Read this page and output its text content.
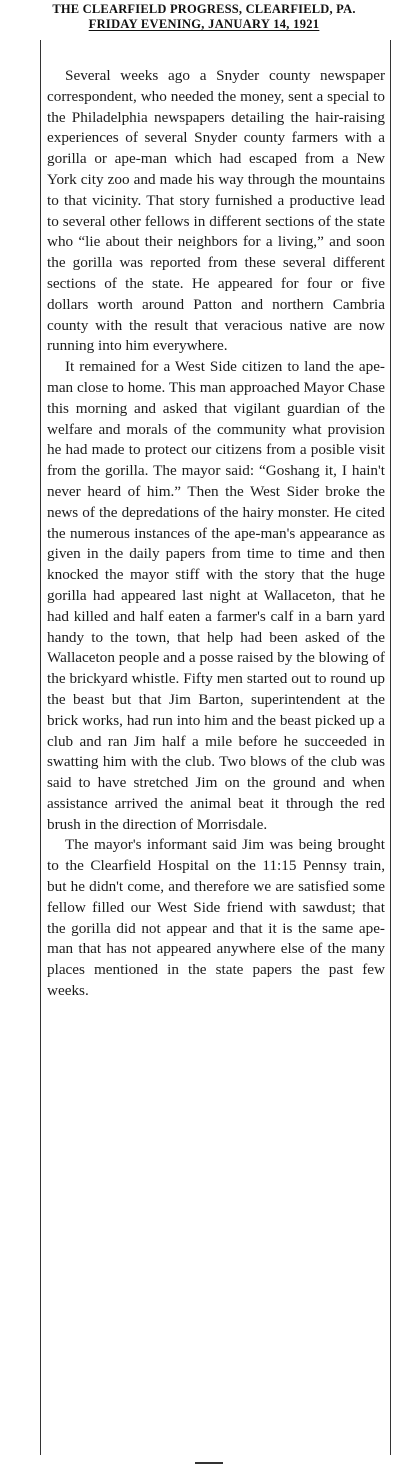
THE CLEARFIELD PROGRESS, CLEARFIELD, PA.
FRIDAY EVENING, JANUARY 14, 1921

Several weeks ago a Snyder county newspaper correspondent, who needed the money, sent a special to the Philadelphia newspapers detailing the hair-raising experiences of several Snyder county farmers with a gorilla or ape-man which had escaped from a New York city zoo and made his way through the mountains to that vicinity. That story furnished a productive lead to several other fellows in different sections of the state who “lie about their neighbors for a living,” and soon the gorilla was reported from these several different sections of the state. He appeared for four or five dollars worth around Patton and northern Cambria county with the result that veracious native are now running into him everywhere.

It remained for a West Side citizen to land the ape-man close to home. This man approached Mayor Chase this morning and asked that vigilant guardian of the welfare and morals of the community what provision he had made to protect our citizens from a posible visit from the gorilla. The mayor said: “Goshang it, I hain't never heard of him.” Then the West Sider broke the news of the depredations of the hairy monster. He cited the numerous instances of the ape-man's appearance as given in the daily papers from time to time and then knocked the mayor stiff with the story that the huge gorilla had appeared last night at Wallaceton, that he had killed and half eaten a farmer's calf in a barn yard handy to the town, that help had been asked of the Wallaceton people and a posse raised by the blowing of the brickyard whistle. Fifty men started out to round up the beast but that Jim Barton, superintendent at the brick works, had run into him and the beast picked up a club and ran Jim half a mile before he succeeded in swatting him with the club. Two blows of the club was said to have stretched Jim on the ground and when assistance arrived the animal beat it through the red brush in the direction of Morrisdale.

The mayor's informant said Jim was being brought to the Clearfield Hospital on the 11:15 Pennsy train, but he didn't come, and therefore we are satisfied some fellow filled our West Side friend with sawdust; that the gorilla did not appear and that it is the same ape-man that has not appeared anywhere else of the many places mentioned in the state papers the past few weeks.
